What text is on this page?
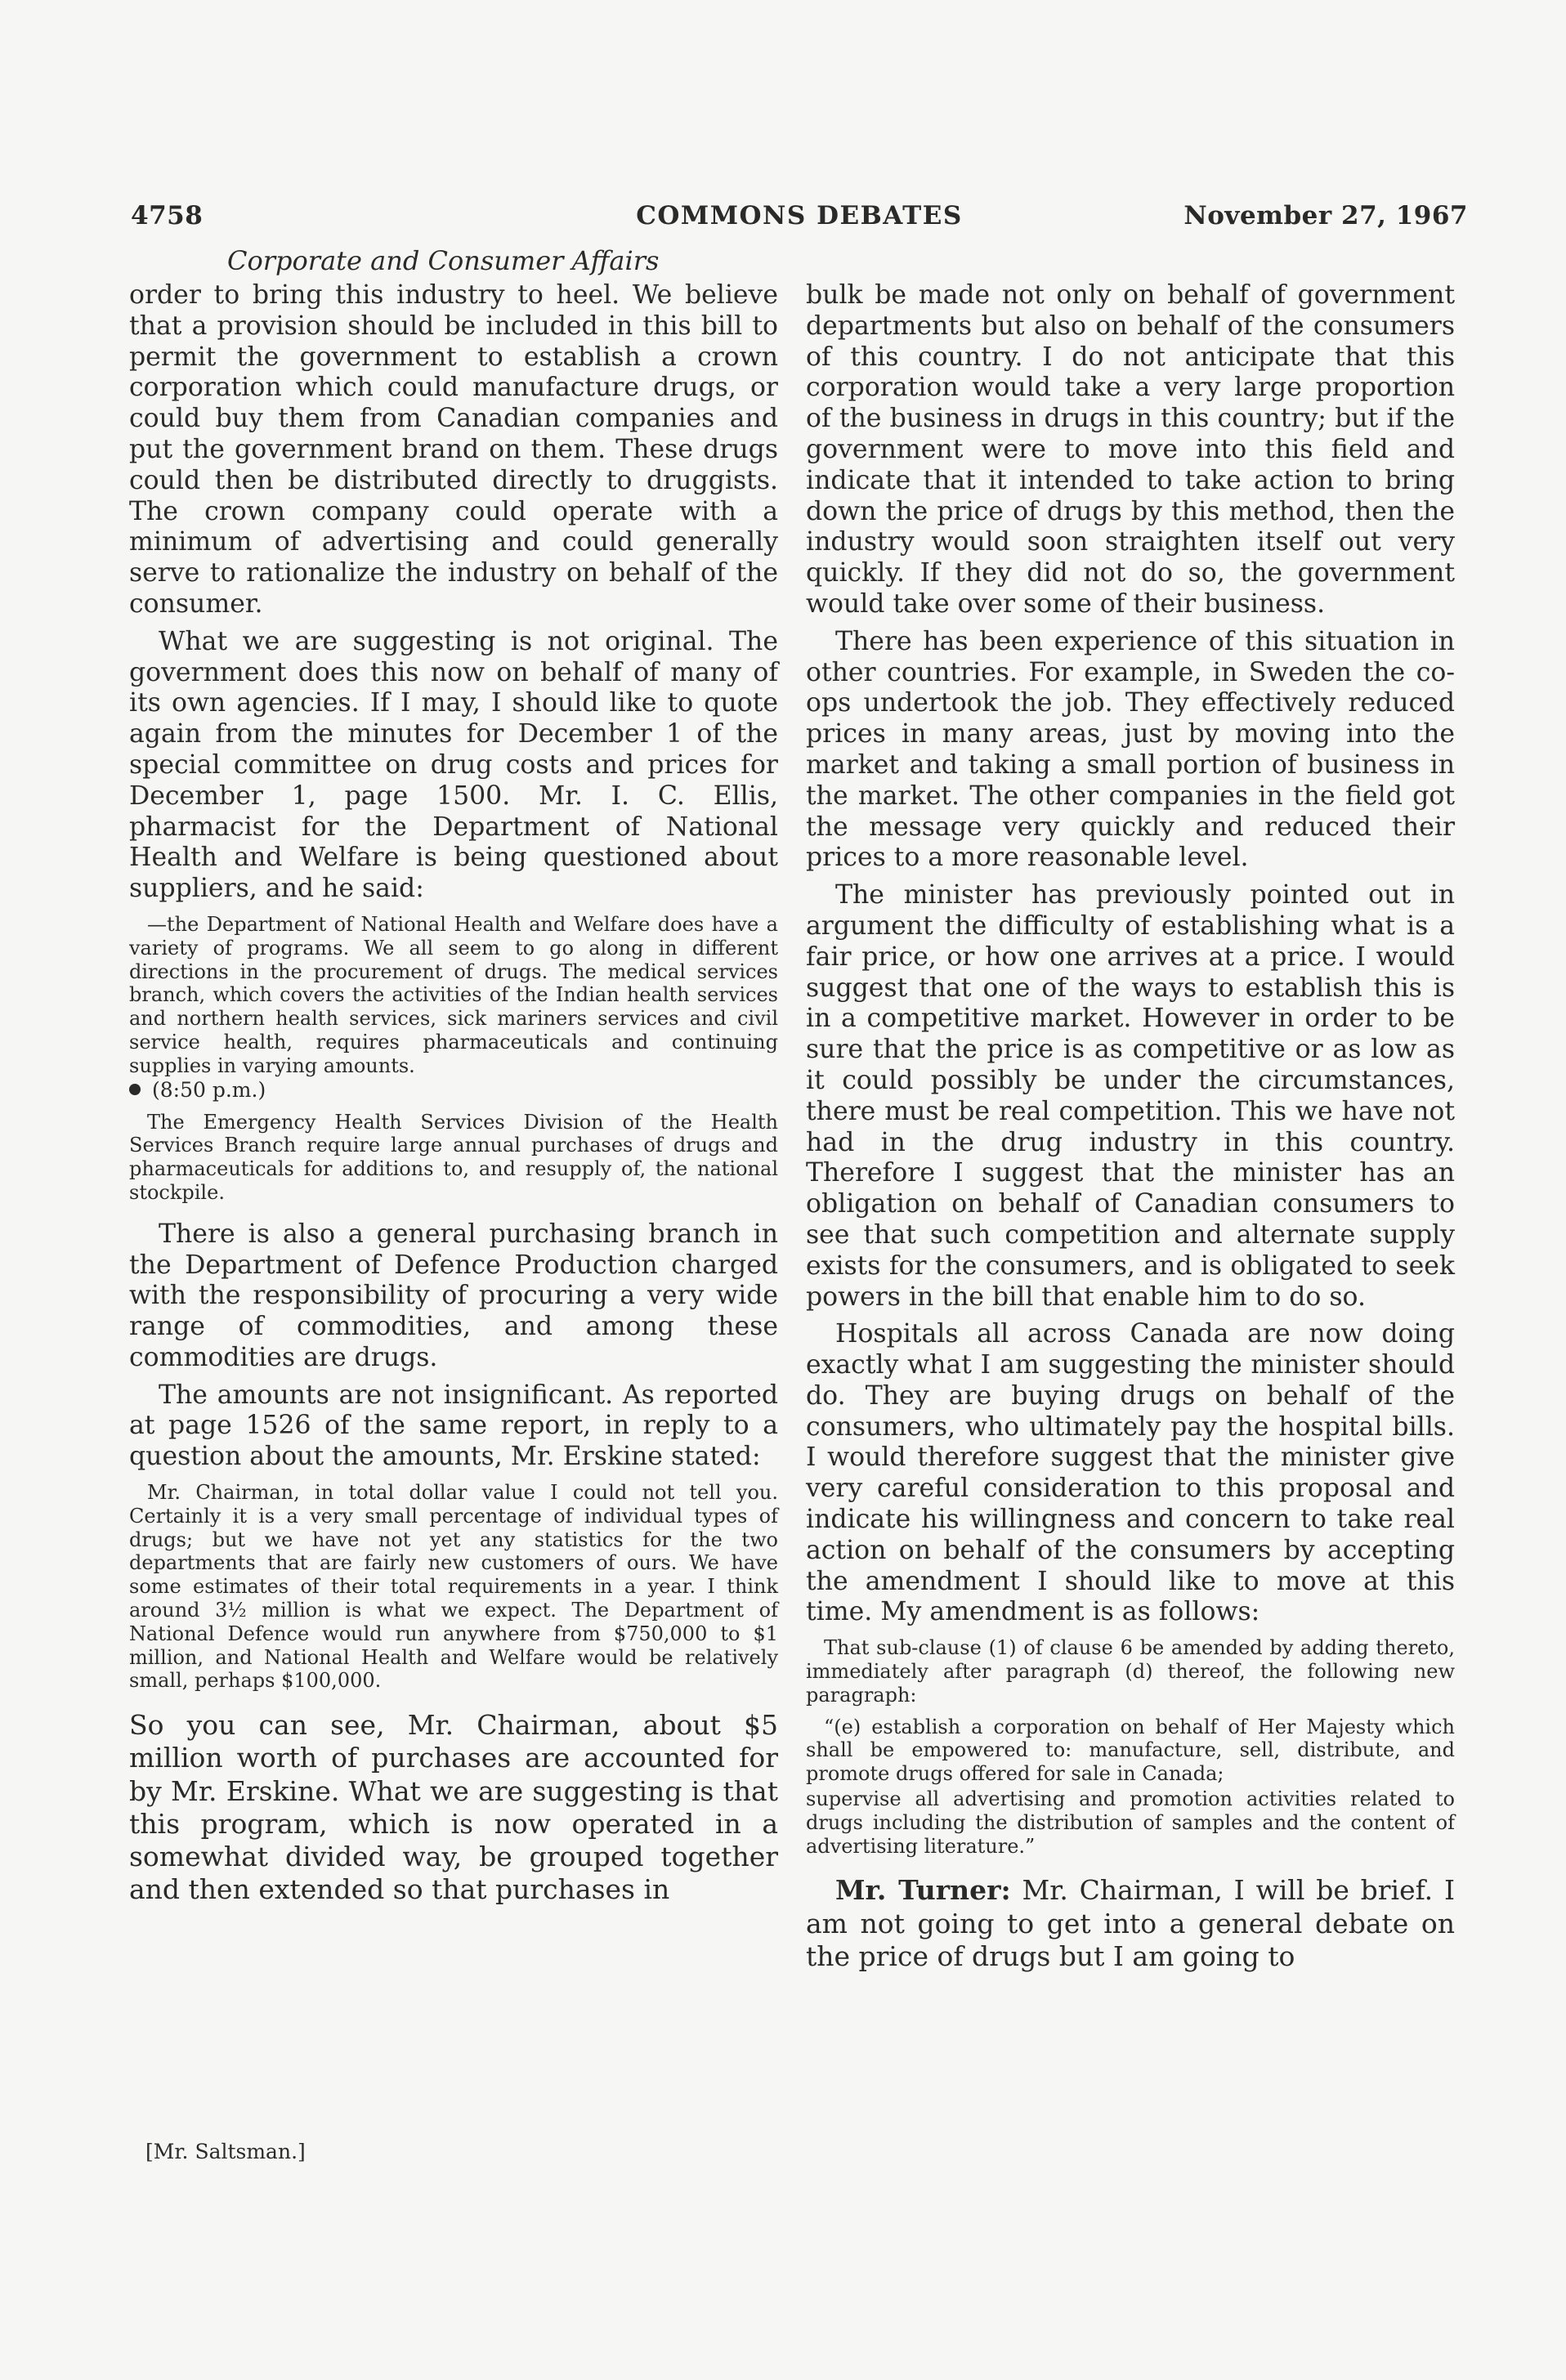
4758	COMMONS DEBATES	November 27, 1967
Corporate and Consumer Affairs

order to bring this industry to heel. We believe that a provision should be included in this bill to permit the government to establish a crown corporation which could manufacture drugs, or could buy them from Canadian companies and put the government brand on them. These drugs could then be distributed directly to druggists. The crown company could operate with a minimum of advertising and could generally serve to rationalize the industry on behalf of the consumer.

What we are suggesting is not original. The government does this now on behalf of many of its own agencies. If I may, I should like to quote again from the minutes for December 1 of the special committee on drug costs and prices for December 1, page 1500. Mr. I. C. Ellis, pharmacist for the Department of National Health and Welfare is being questioned about suppliers, and he said:

—the Department of National Health and Welfare does have a variety of programs. We all seem to go along in different directions in the procurement of drugs. The medical services branch, which covers the activities of the Indian health services and northern health services, sick mariners services and civil service health, requires pharmaceuticals and continuing supplies in varying amounts.

(8:50 p.m.)

The Emergency Health Services Division of the Health Services Branch require large annual purchases of drugs and pharmaceuticals for additions to, and resupply of, the national stockpile.

There is also a general purchasing branch in the Department of Defence Production charged with the responsibility of procuring a very wide range of commodities, and among these commodities are drugs.

The amounts are not insignificant. As reported at page 1526 of the same report, in reply to a question about the amounts, Mr. Erskine stated:

Mr. Chairman, in total dollar value I could not tell you. Certainly it is a very small percentage of individual types of drugs; but we have not yet any statistics for the two departments that are fairly new customers of ours. We have some estimates of their total requirements in a year. I think around 3½ million is what we expect. The Department of National Defence would run anywhere from $750,000 to $1 million, and National Health and Welfare would be relatively small, perhaps $100,000.

So you can see, Mr. Chairman, about $5 million worth of purchases are accounted for by Mr. Erskine. What we are suggesting is that this program, which is now operated in a somewhat divided way, be grouped together and then extended so that purchases in

bulk be made not only on behalf of government departments but also on behalf of the consumers of this country. I do not anticipate that this corporation would take a very large proportion of the business in drugs in this country; but if the government were to move into this field and indicate that it intended to take action to bring down the price of drugs by this method, then the industry would soon straighten itself out very quickly. If they did not do so, the government would take over some of their business.

There has been experience of this situation in other countries. For example, in Sweden the co-ops undertook the job. They effectively reduced prices in many areas, just by moving into the market and taking a small portion of business in the market. The other companies in the field got the message very quickly and reduced their prices to a more reasonable level.

The minister has previously pointed out in argument the difficulty of establishing what is a fair price, or how one arrives at a price. I would suggest that one of the ways to establish this is in a competitive market. However in order to be sure that the price is as competitive or as low as it could possibly be under the circumstances, there must be real competition. This we have not had in the drug industry in this country. Therefore I suggest that the minister has an obligation on behalf of Canadian consumers to see that such competition and alternate supply exists for the consumers, and is obligated to seek powers in the bill that enable him to do so.

Hospitals all across Canada are now doing exactly what I am suggesting the minister should do. They are buying drugs on behalf of the consumers, who ultimately pay the hospital bills. I would therefore suggest that the minister give very careful consideration to this proposal and indicate his willingness and concern to take real action on behalf of the consumers by accepting the amendment I should like to move at this time. My amendment is as follows:

That sub-clause (1) of clause 6 be amended by adding thereto, immediately after paragraph (d) thereof, the following new paragraph:

“(e) establish a corporation on behalf of Her Majesty which shall be empowered to: manufacture, sell, distribute, and promote drugs offered for sale in Canada;

supervise all advertising and promotion activities related to drugs including the distribution of samples and the content of advertising literature.”

Mr. Turner: Mr. Chairman, I will be brief. I am not going to get into a general debate on the price of drugs but I am going to

[Mr. Saltsman.]
